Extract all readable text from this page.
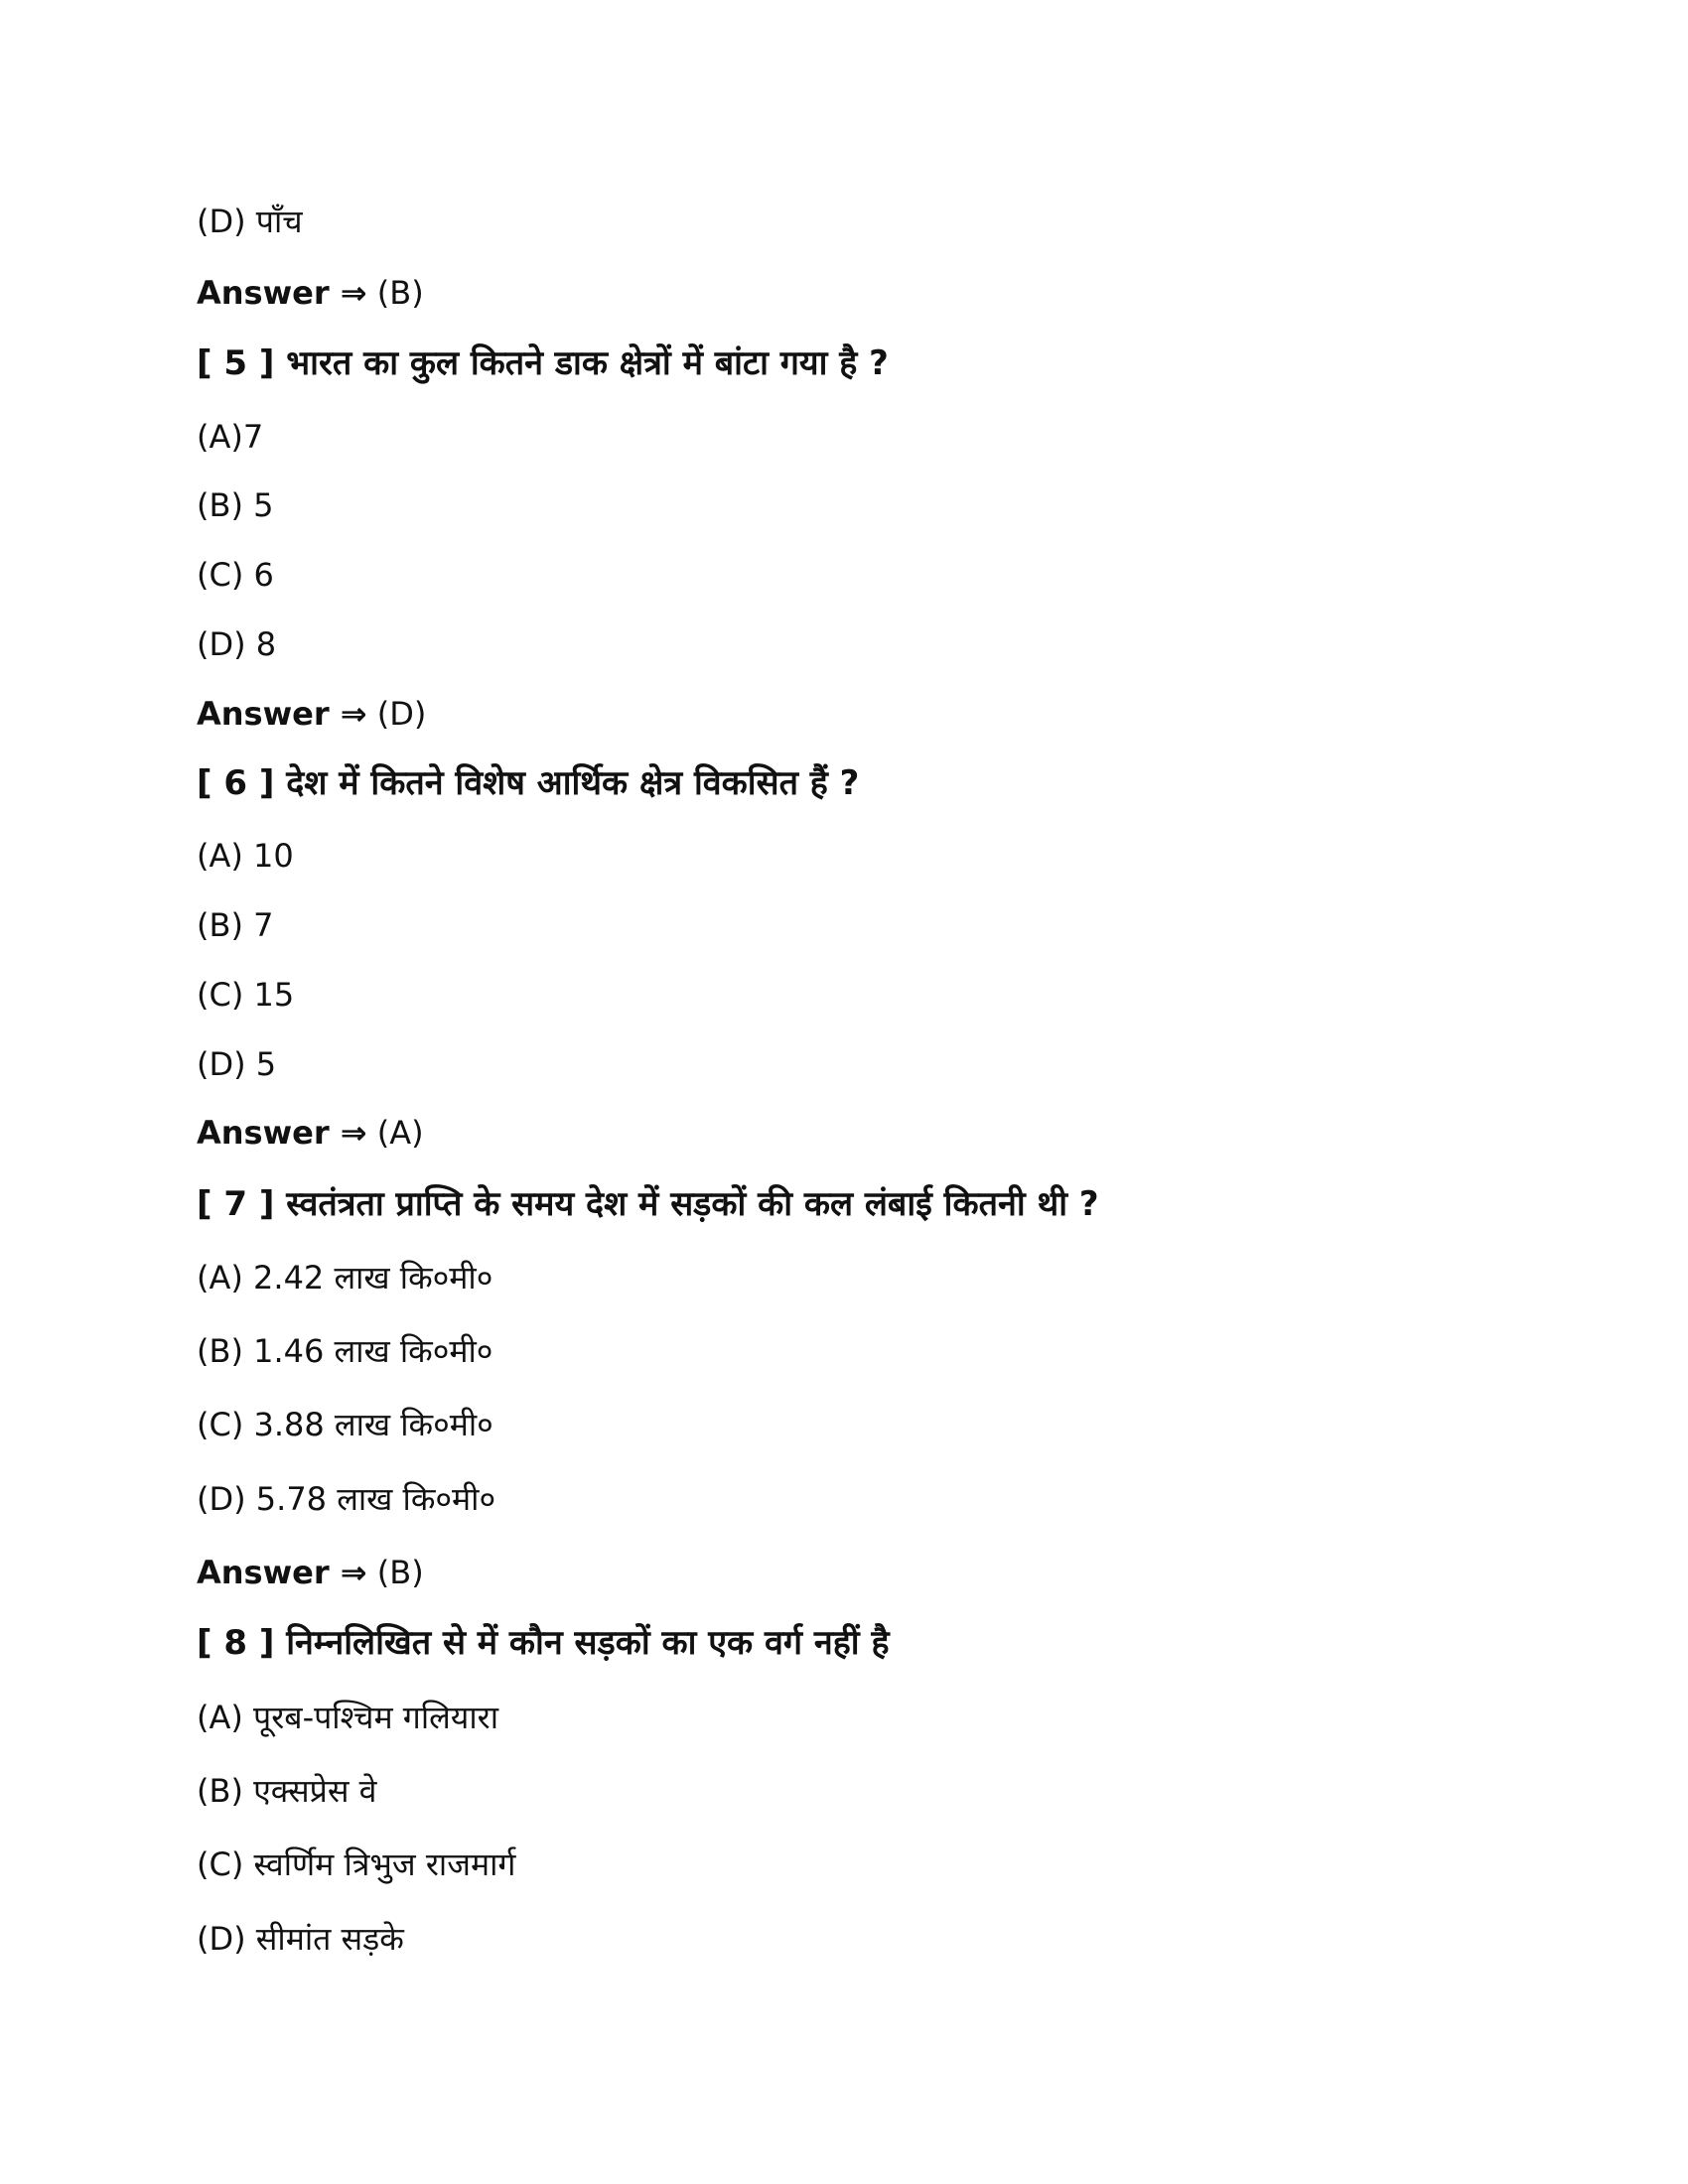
(D) पाँच
Answer ⇒ (B)
[ 5 ] भारत का कुल कितने डाक क्षेत्रों में बांटा गया है ?
(A)7
(B) 5
(C) 6
(D) 8
Answer ⇒ (D)
[ 6 ] देश में कितने विशेष आर्थिक क्षेत्र विकसित हैं ?
(A) 10
(B) 7
(C) 15
(D) 5
Answer ⇒ (A)
[ 7 ] स्वतंत्रता प्राप्ति के समय देश में सड़कों की कल लंबाई कितनी थी ?
(A) 2.42 लाख कि०मी०
(B) 1.46 लाख कि०मी०
(C) 3.88 लाख कि०मी०
(D) 5.78 लाख कि०मी०
Answer ⇒ (B)
[ 8 ] निम्नलिखित से में कौन सड़कों का एक वर्ग नहीं है
(A) पूरब-पश्चिम गलियारा
(B) एक्सप्रेस वे
(C) स्वर्णिम त्रिभुज राजमार्ग
(D) सीमांत सड़के
